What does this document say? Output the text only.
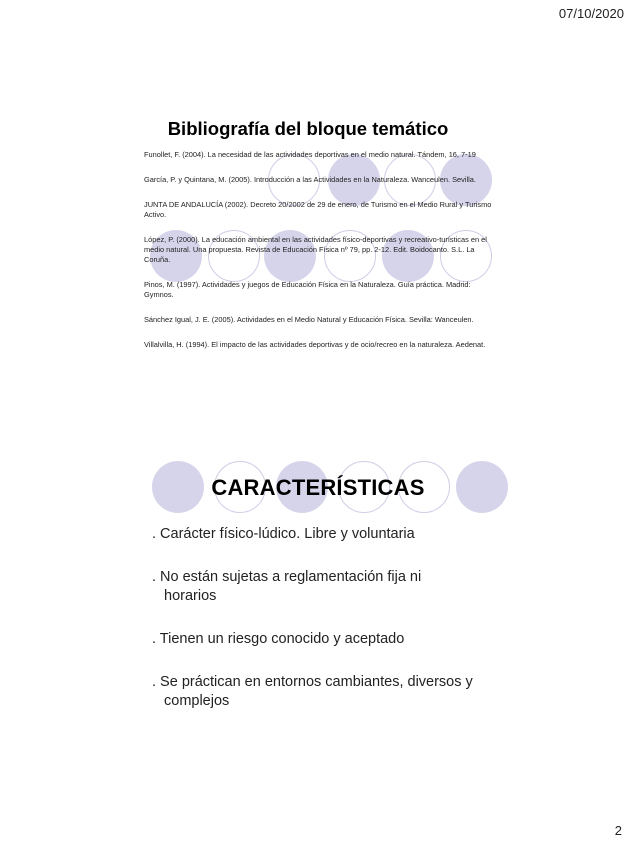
07/10/2020
Bibliografía del bloque temático

Funollet, F. (2004). La necesidad de las actividades deportivas en el medio natural. Tándem, 16, 7-19

García, P. y Quintana, M. (2005). Introducción a las Actividades en la Naturaleza. Wanceulen. Sevilla.

JUNTA DE ANDALUCÍA (2002). Decreto 20/2002 de 29 de enero, de Turismo en el Medio Rural y Turismo Activo.

López, P. (2000). La educación ambiental en las actividades físico-deportivas y recreativo-turísticas en el medio natural. Una propuesta. Revista de Educación Física nº 79, pp. 2-12. Edit. Boidocanto. S.L. La Coruña.

Pinos, M. (1997). Actividades y juegos de Educación Física en la Naturaleza. Guía práctica. Madrid: Gymnos.

Sánchez Igual, J. E. (2005). Actividades en el Medio Natural y Educación Física. Sevilla: Wanceulen.

Villalvilla, H. (1994). El impacto de las actividades deportivas y de ocio/recreo en la naturaleza. Aedenat.

CARACTERÍSTICAS

. Carácter físico-lúdico. Libre y voluntaria

. No están sujetas a reglamentación fija ni
horarios

. Tienen un riesgo conocido y aceptado

. Se práctican en entornos cambiantes, diversos y
complejos

2
